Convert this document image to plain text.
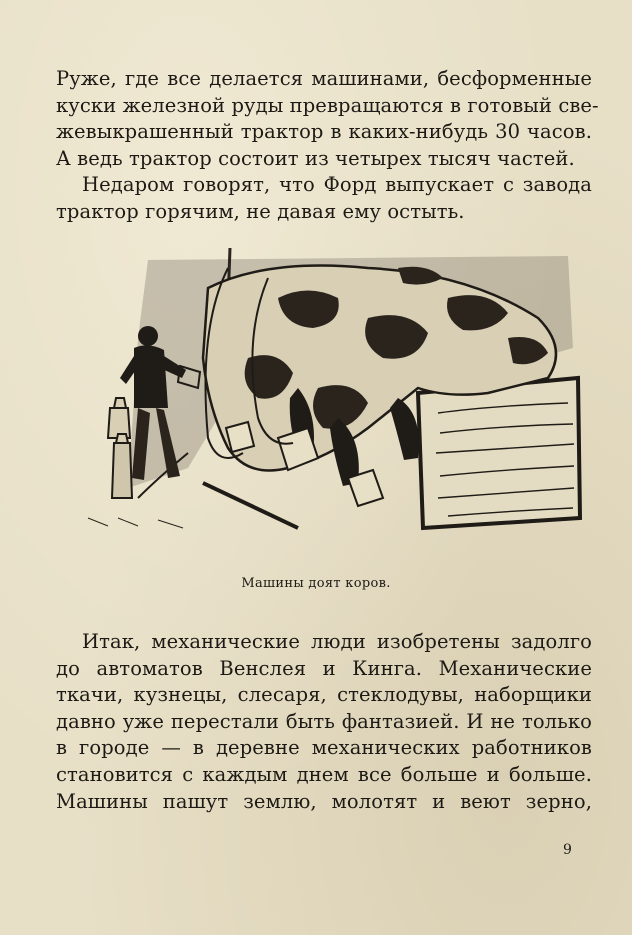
Руже, где все делается машинами, бесформенные
куски железной руды превращаются в готовый све-
жевыкрашенный трактор в каких-нибудь 30 часов.
А ведь трактор состоит из четырех тысяч частей.
Недаром говорят, что Форд выпускает с завода
трактор горячим, не давая ему остыть.
Машины доят коров.
Итак, механические люди изобретены задолго
до автоматов Венслея и Кинга. Механические
ткачи, кузнецы, слесаря, стеклодувы, наборщики
давно уже перестали быть фантазией. И не только
в городе — в деревне механических работников
становится с каждым днем все больше и больше.
Машины пашут землю, молотят и веют зерно,
9
